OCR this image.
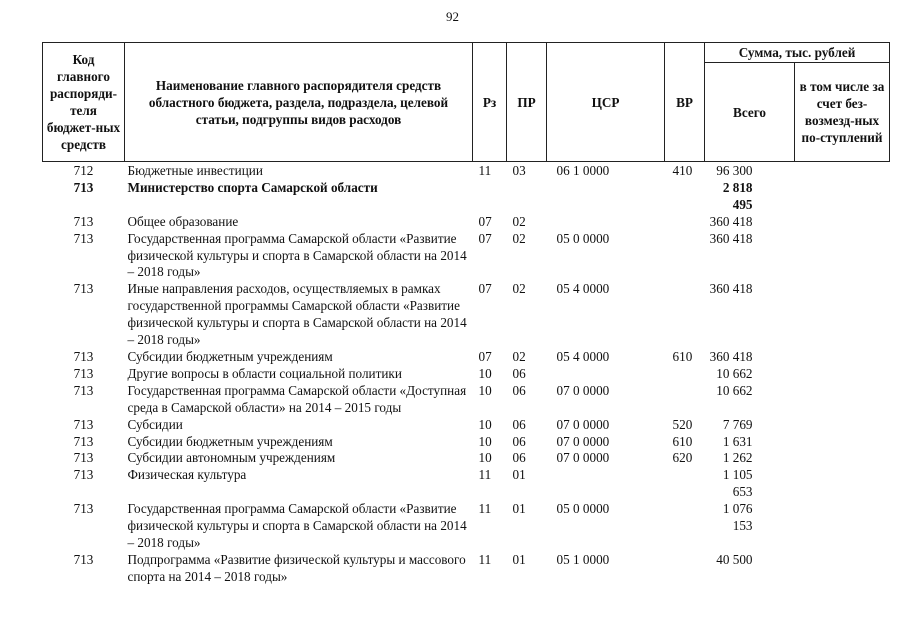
92
Код главного распоряди-теля бюджет-ных средств	Наименование главного распорядителя средств областного бюджета, раздела, подраздела, целевой статьи, подгруппы видов расходов	Рз	ПР	ЦСР	ВР	Сумма, тыс. рублей	
						Всего	в том числе за счет без-возмезд-ных по-ступлений
712	Бюджетные инвестиции	11	03	06 1 0000	410	96 300	
713	Министерство спорта Самарской области					2 818 495	
713	Общее образование	07	02			360 418	
713	Государственная программа Самарской области «Развитие физической культуры и спорта в Самарской области на 2014 – 2018 годы»	07	02	05 0 0000		360 418	
713	Иные направления расходов, осуществляемых в рамках государственной программы Самарской области «Развитие физической культуры и спорта в Самарской области на 2014 – 2018 годы»	07	02	05 4 0000		360 418	
713	Субсидии бюджетным учреждениям	07	02	05 4 0000	610	360 418	
713	Другие вопросы в области социальной политики	10	06			10 662	
713	Государственная программа Самарской области «Доступная среда в Самарской области» на 2014 – 2015 годы	10	06	07 0 0000		10 662	
713	Субсидии	10	06	07 0 0000	520	7 769	
713	Субсидии бюджетным учреждениям	10	06	07 0 0000	610	1 631	
713	Субсидии автономным учреждениям	10	06	07 0 0000	620	1 262	
713	Физическая культура	11	01			1 105 653	
713	Государственная программа Самарской области «Развитие физической культуры и спорта в Самарской области на 2014 – 2018 годы»	11	01	05 0 0000		1 076 153	
713	Подпрограмма «Развитие физической культуры и массового спорта на 2014 – 2018 годы»	11	01	05 1 0000		40 500	
